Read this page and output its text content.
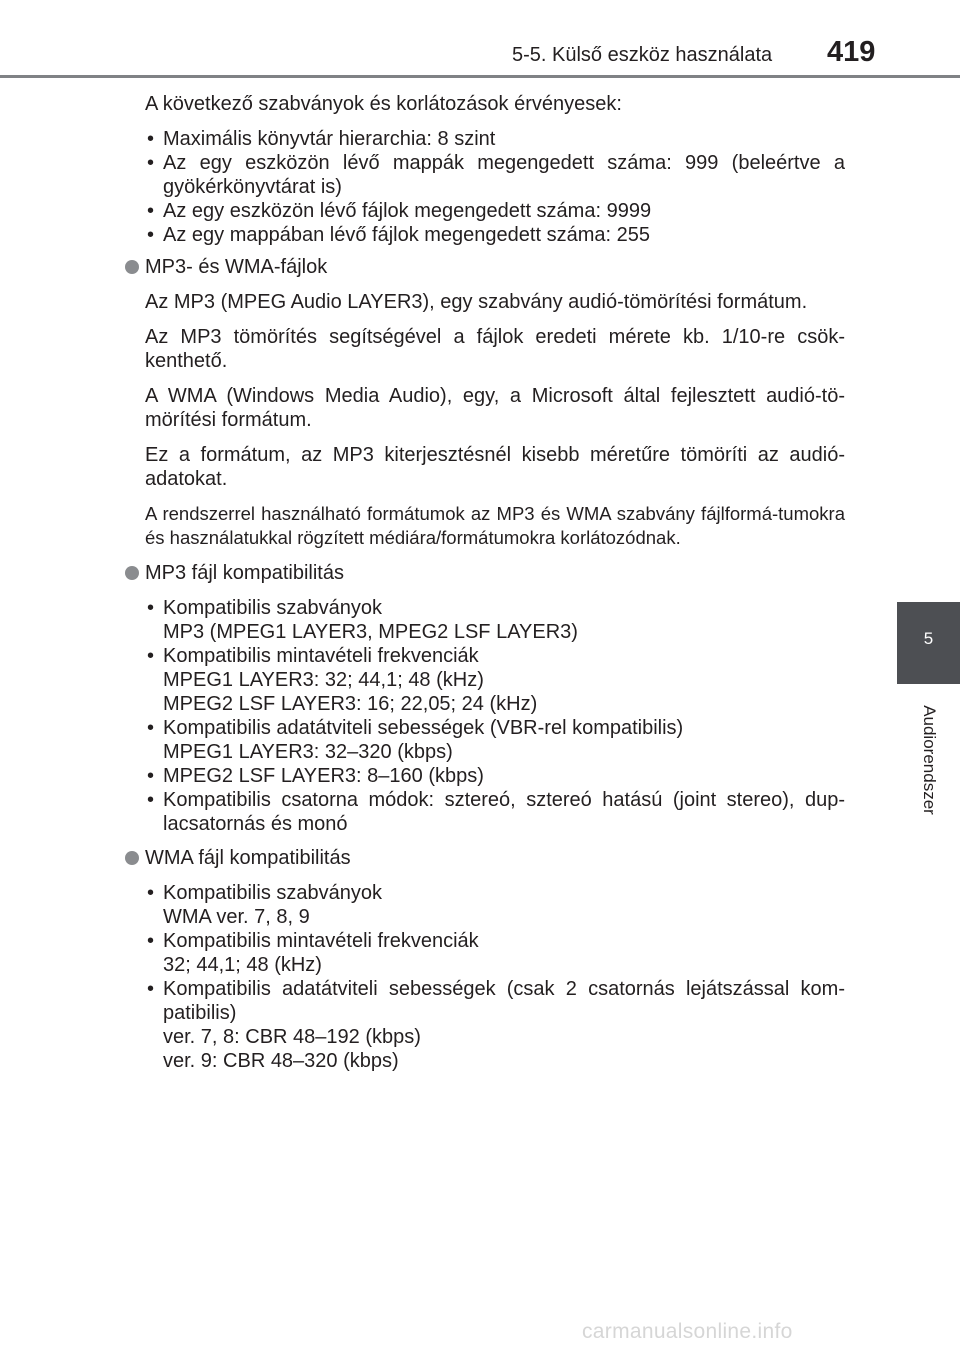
5-5. Külső eszköz használata 419
5
Audiorendszer

A következő szabványok és korlátozások érvényesek:

• Maximális könyvtár hierarchia: 8 szint
• Az egy eszközön lévő mappák megengedett száma: 999 (beleértve a gyökérkönyvtárat is)
• Az egy eszközön lévő fájlok megengedett száma: 9999
• Az egy mappában lévő fájlok megengedett száma: 255
MP3- és WMA-fájlok

Az MP3 (MPEG Audio LAYER3), egy szabvány audió-tömörítési formátum.

Az MP3 tömörítés segítségével a fájlok eredeti mérete kb. 1/10-re csök-kenthető.

A WMA (Windows Media Audio), egy, a Microsoft által fejlesztett audió-tö-mörítési formátum.

Ez a formátum, az MP3 kiterjesztésnél kisebb méretűre tömöríti az audió-adatokat.

A rendszerrel használható formátumok az MP3 és WMA szabvány fájlformá-tumokra és használatukkal rögzített médiára/formátumokra korlátozódnak.

MP3 fájl kompatibilitás
• Kompatibilis szabványok
MP3 (MPEG1 LAYER3, MPEG2 LSF LAYER3)
• Kompatibilis mintavételi frekvenciák
MPEG1 LAYER3: 32; 44,1; 48 (kHz)
MPEG2 LSF LAYER3: 16; 22,05; 24 (kHz)
• Kompatibilis adatátviteli sebességek (VBR-rel kompatibilis)
MPEG1 LAYER3: 32–320 (kbps)
• MPEG2 LSF LAYER3: 8–160 (kbps)
• Kompatibilis csatorna módok: sztereó, sztereó hatású (joint stereo), dup-lacsatornás és monó
WMA fájl kompatibilitás
• Kompatibilis szabványok
WMA ver. 7, 8, 9
• Kompatibilis mintavételi frekvenciák
32; 44,1; 48 (kHz)
• Kompatibilis adatátviteli sebességek (csak 2 csatornás lejátszással kom-patibilis)
ver. 7, 8: CBR 48–192 (kbps)
ver. 9: CBR 48–320 (kbps)
carmanualsonline.info
